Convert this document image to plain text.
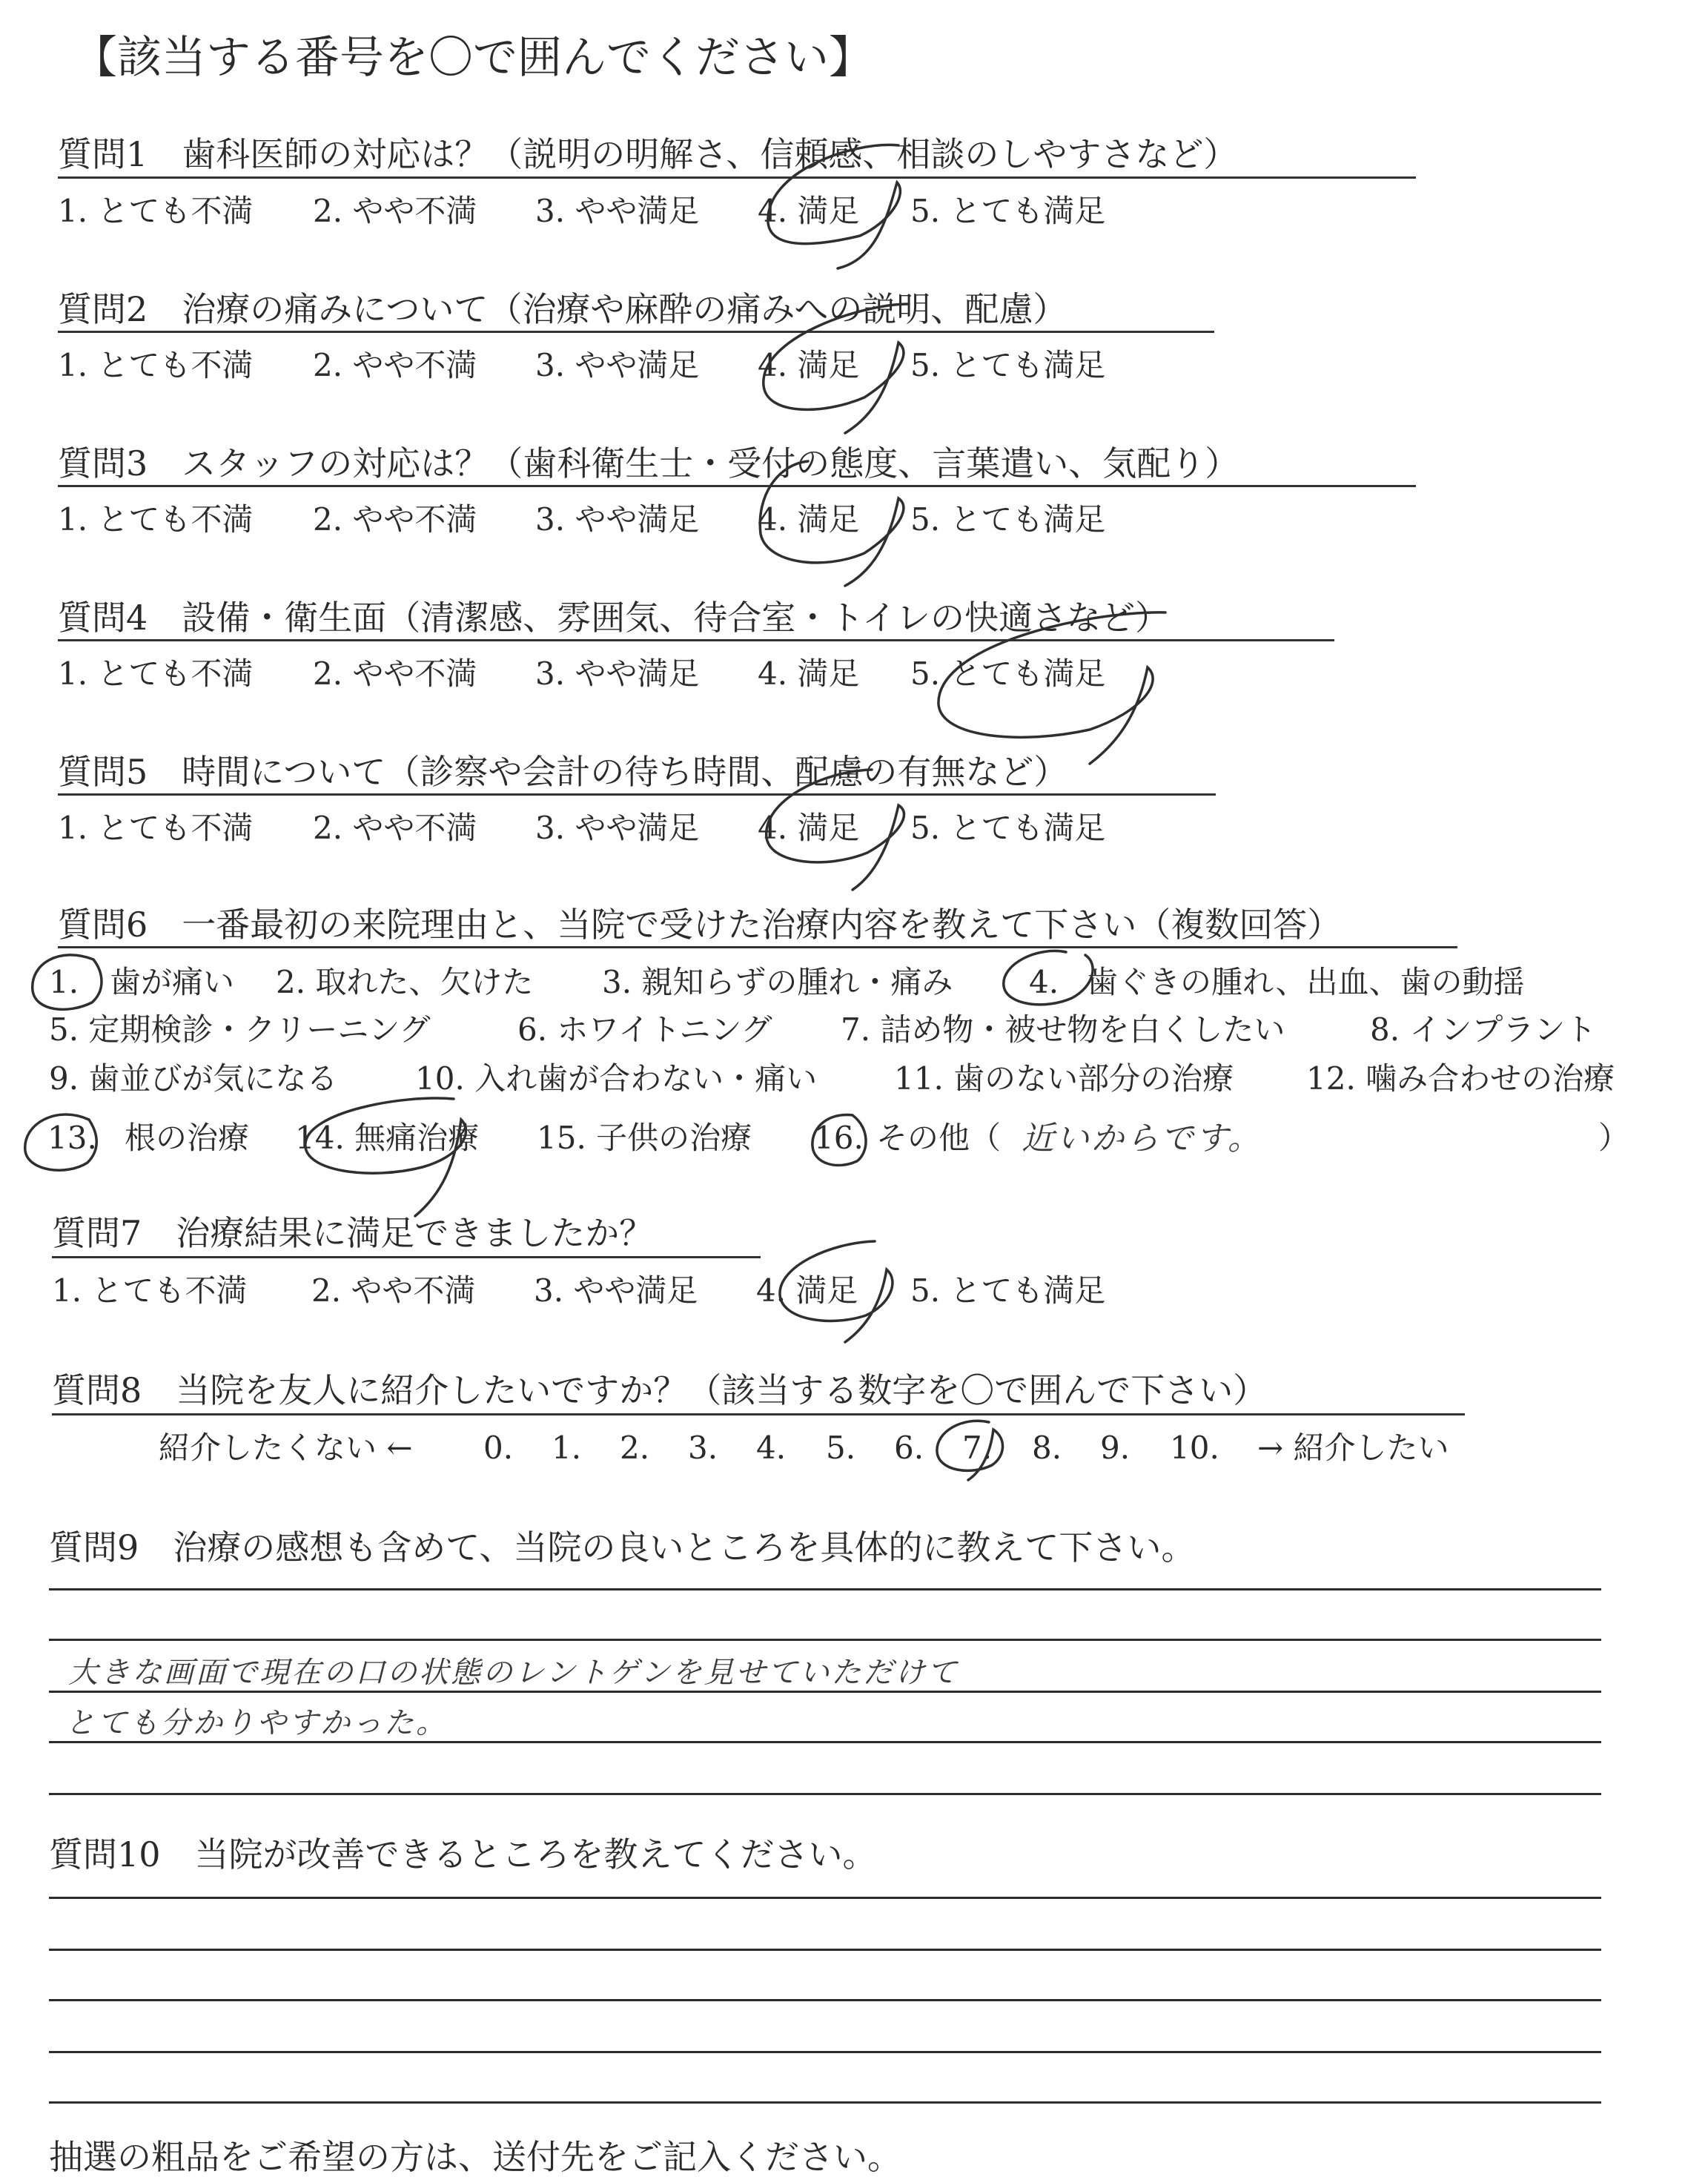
【該当する番号を〇で囲んでください】
質問1　歯科医師の対応は？（説明の明解さ、信頼感、相談のしやすさなど）
1. とても不満 2. やや不満 3. やや満足 4. 満足 5. とても満足
質問2　治療の痛みについて（治療や麻酔の痛みへの説明、配慮）
1. とても不満 2. やや不満 3. やや満足 4. 満足 5. とても満足
質問3　スタッフの対応は？（歯科衛生士・受付の態度、言葉遣い、気配り）
1. とても不満 2. やや不満 3. やや満足 4. 満足 5. とても満足
質問4　設備・衛生面（清潔感、雰囲気、待合室・トイレの快適さなど）
1. とても不満 2. やや不満 3. やや満足 4. 満足 5. とても満足
質問5　時間について（診察や会計の待ち時間、配慮の有無など）
1. とても不満 2. やや不満 3. やや満足 4. 満足 5. とても満足
質問6　一番最初の来院理由と、当院で受けた治療内容を教えて下さい（複数回答）
1. 歯が痛い 2. 取れた、欠けた 3. 親知らずの腫れ・痛み 4. 歯ぐきの腫れ、出血、歯の動揺
5. 定期検診・クリーニング	6. ホワイトニング 7. 詰め物・被せ物を白くしたい	8. インプラント
9. 歯並びが気になる 10. 入れ歯が合わない・痛い 11. 歯のない部分の治療 12. 噛み合わせの治療
13. 根の治療 14. 無痛治療 15. 子供の治療 16. その他（ 近いからです。	）
質問7　治療結果に満足できましたか？
1. とても不満 2. やや不満 3. やや満足 4. 満足 5. とても満足
質問8　当院を友人に紹介したいですか？（該当する数字を〇で囲んで下さい）
紹介したくない ← 0. 1. 2. 3. 4. 5. 6. 7. 8. 9. 10. → 紹介したい
質問9　治療の感想も含めて、当院の良いところを具体的に教えて下さい。
大きな画面で現在の口の状態のレントゲンを見せていただけて
とても分かりやすかった。
質問10　当院が改善できるところを教えてください。
抽選の粗品をご希望の方は、送付先をご記入ください。
